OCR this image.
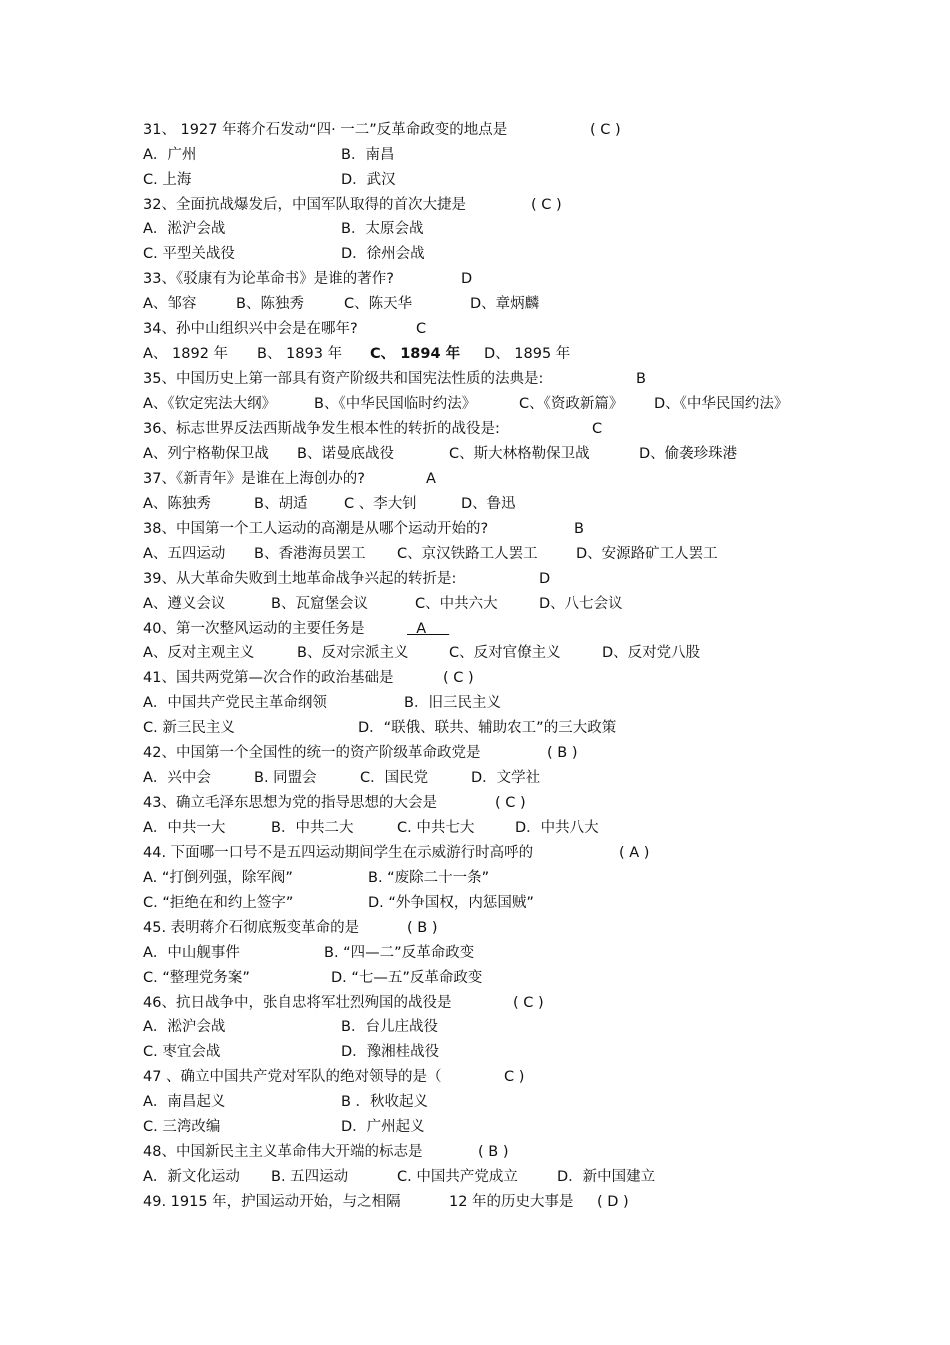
31、 1927 年蒋介石发动“四· 一二”反革命政变的地点是	( C )
A．广州	B．南昌
C. 上海	D．武汉
32、全面抗战爆发后，中国军队取得的首次大捷是	( C )
A．淞沪会战	B．太原会战
C. 平型关战役	D．徐州会战
33、《驳康有为论革命书》是谁的著作?	D
A、邹容	B、陈独秀	C、陈天华	D、章炳麟
34、孙中山组织兴中会是在哪年?	C
A、 1892 年 B、 1893 年 C、 1894 年 D、 1895 年
35、中国历史上第一部具有资产阶级共和国宪法性质的法典是:	B
A、《钦定宪法大纲》	B、《中华民国临时约法》	C、《资政新篇》 D、《中华民国约法》
36、标志世界反法西斯战争发生根本性的转折的战役是:	C
A、列宁格勒保卫战 B、诺曼底战役	C、斯大林格勒保卫战	D、偷袭珍珠港
37、《新青年》是谁在上海创办的?	A
A、陈独秀	B、胡适	C 、李大钊	D、鲁迅
38、中国第一个工人运动的高潮是从哪个运动开始的?	B
A、五四运动 B、香港海员罢工 C、京汉铁路工人罢工	D、安源路矿工人罢工
39、从大革命失败到土地革命战争兴起的转折是:	D
A、遵义会议	B、瓦窟堡会议	C、中共六大	D、八七会议
40、第一次整风运动的主要任务是	A
A、反对主观主义	B、反对宗派主义	C、反对官僚主义	D、反对党八股
41、国共两党第—次合作的政治基础是	( C )
A．中国共产党民主革命纲领	B．旧三民主义
C. 新三民主义	D．“联俄、联共、辅助农工”的三大政策
42、中国第一个全国性的统一的资产阶级革命政党是	( B )
A．兴中会	B. 同盟会	C．国民党	D．文学社
43、确立毛泽东思想为党的指导思想的大会是	( C )
A．中共一大	B．中共二大	C. 中共七大	D．中共八大
44. 下面哪一口号不是五四运动期间学生在示威游行时高呼的	( A )
A. “打倒列强，除军阀”	B. “废除二十一条”
C. “拒绝在和约上签字”	D. “外争国权，内惩国贼”
45. 表明蒋介石彻底叛变革命的是	( B )
A．中山舰事件	B. “四—二”反革命政变
C. “整理党务案”	D. “七—五”反革命政变
46、抗日战争中，张自忠将军壮烈殉国的战役是	( C )
A．淞沪会战	B．台儿庄战役
C. 枣宜会战	D．豫湘桂战役
47 、确立中国共产党对军队的绝对领导的是（	C )
A．南昌起义	B ．秋收起义
C. 三湾改编	D．广州起义
48、中国新民主主义革命伟大开端的标志是	( B )
A．新文化运动 B. 五四运动	C. 中国共产党成立	D．新中国建立
49. 1915 年，护国运动开始，与之相隔	12 年的历史大事是 ( D )
